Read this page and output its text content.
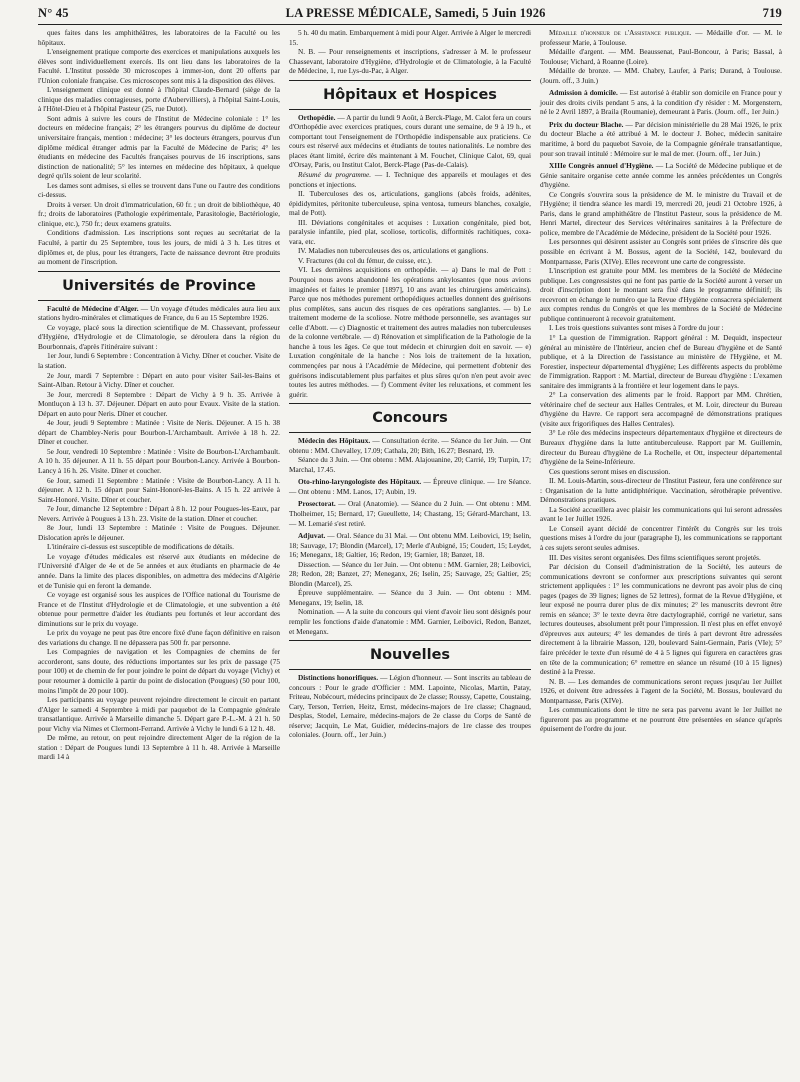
N° 45	LA PRESSE MÉDICALE, Samedi, 5 Juin 1926	719

ques faites dans les amphithéâtres, les laboratoires de la Faculté ou les hôpitaux.

L'enseignement pratique comporte des exercices et manipulations auxquels les élèves sont individuellement exercés. Ils ont lieu dans les laboratoires de la Faculté. L'Institut possède 30 microscopes à immer-ion, dont 20 offerts par l'Union coloniale française. Ces microscopes sont mis à la disposition des élèves.

L'enseignement clinique est donné à l'hôpital Claude-Bernard (siège de la clinique des maladies contagieuses, porte d'Aubervilliers), à l'hôpital Saint-Louis, à l'Hôtel-Dieu et à l'hôpital Pasteur (25, rue Dutot).

Sont admis à suivre les cours de l'Institut de Médecine coloniale : 1° les docteurs en médecine français; 2° les étrangers pourvus du diplôme de docteur universitaire français, mention : médecine; 3° les docteurs étrangers, pourvus d'un diplôme médical étranger admis par la Faculté de Médecine de Paris; 4° les étudiants en médecine des Facultés françaises pourvus de 16 inscriptions, sans distinction de nationalité; 5° les internes en médecine des hôpitaux, à quelque degré qu'ils soient de leur scolarité.

Les dames sont admises, si elles se trouvent dans l'une ou l'autre des conditions ci-dessus.

Droits à verser. Un droit d'immatriculation, 60 fr. ; un droit de bibliothèque, 40 fr.; droits de laboratoires (Pathologie expérimentale, Parasitologie, Bactériologie, clinique, etc.), 750 fr.; deux examens gratuits.

Conditions d'admission. Les inscriptions sont reçues au secrétariat de la Faculté, à partir du 25 Septembre, tous les jours, de midi à 3 h. Les titres et diplômes et, de plus, pour les étrangers, l'acte de naissance devront être produits au moment de l'inscription.

Universités de Province

Faculté de Médecine d'Alger. — Un voyage d'études médicales aura lieu aux stations hydro-minérales et climatiques de France, du 6 au 15 Septembre 1926.

Ce voyage, placé sous la direction scientifique de M. Chassevant, professeur d'Hygiène, d'Hydrologie et de Climatologie, se déroulera dans la région du Bourbonnais, d'après l'itinéraire suivant :

1er Jour, lundi 6 Septembre : Concentration à Vichy. Dîner et coucher. Visite de la station.

2e Jour, mardi 7 Septembre : Départ en auto pour visiter Sail-les-Bains et Saint-Alban. Retour à Vichy. Dîner et coucher.

3e Jour, mercredi 8 Septembre : Départ de Vichy à 9 h. 35. Arrivée à Montluçon à 13 h. 37. Déjeuner. Départ en auto pour Evaux. Visite de la station. Départ en auto pour Neris. Dîner et coucher.

4e Jour, jeudi 9 Septembre : Matinée : Visite de Neris. Déjeuner. A 15 h. 38 départ de Chambley-Neris pour Bourbon-L'Archambault. Arrivée à 18 h. 22. Dîner et coucher.

5e Jour, vendredi 10 Septembre : Matinée : Visite de Bourbon-L'Archambault. A 10 h. 35 déjeuner. A 11 h. 55 départ pour Bourbon-Lancy. Arrivée à Bourbon-Lancy à 16 h. 26. Visite. Dîner et coucher.

6e Jour, samedi 11 Septembre : Matinée : Visite de Bourbon-Lancy. A 11 h. déjeuner. A 12 h. 15 départ pour Saint-Honoré-les-Bains. A 15 h. 22 arrivée à Saint-Honoré. Visite. Dîner et coucher.

7e Jour, dimanche 12 Septembre : Départ à 8 h. 12 pour Pougues-les-Eaux, par Nevers. Arrivée à Pougues à 13 h. 23. Visite de la station. Dîner et coucher.

8e Jour, lundi 13 Septembre : Matinée : Visite de Pougues. Déjeuner. Dislocation après le déjeuner.

L'itinéraire ci-dessus est susceptible de modifications de détails.

Le voyage d'études médicales est réservé aux étudiants en médecine de l'Université d'Alger de 4e et de 5e années et aux étudiants en pharmacie de 4e année. Dans la limite des places disponibles, on admettra des médecins d'Algérie et de Tunisie qui en feront la demande.

Ce voyage est organisé sous les auspices de l'Office national du Tourisme de France et de l'Institut d'Hydrologie et de Climatologie, et une subvention a été obtenue pour permettre d'aider les étudiants peu fortunés et leur accordant des diminutions sur le prix du voyage.

Le prix du voyage ne peut pas être encore fixé d'une façon définitive en raison des variations du change. Il ne dépassera pas 500 fr. par personne.

Les Compagnies de navigation et les Compagnies de chemins de fer accorderont, sans doute, des réductions importantes sur les prix de passage (75 pour 100) et de chemin de fer pour joindre le point de départ du voyage (Vichy) et pour retourner à domicile à partir du point de dislocation (Pougues) (50 pour 100, moins l'impôt de 20 pour 100).

Les participants au voyage peuvent rejoindre directement le circuit en partant d'Alger le samedi 4 Septembre à midi par paquebot de la Compagnie générale transatlantique. Arrivée à Marseille dimanche 5. Départ gare P.-L.-M. à 21 h. 50 pour Vichy via Nimes et Clermont-Ferrand. Arrivée à Vichy le lundi 6 à 12 h. 48.

De même, au retour, on peut rejoindre directement Alger de la région de la station : Départ de Pougues lundi 13 Septembre à 11 h. 48. Arrivée à Marseille mardi 14 à

5 h. 40 du matin. Embarquement à midi pour Alger. Arrivée à Alger le mercredi 15.

N. B. — Pour renseignements et inscriptions, s'adresser à M. le professeur Chassevant, laboratoire d'Hygiène, d'Hydrologie et de Climatologie, à la Faculté de Médecine, 1, rue Lys-du-Pac, à Alger.

Hôpitaux et Hospices

Orthopédie. — A partir du lundi 9 Août, à Berck-Plage, M. Calot fera un cours d'Orthopédie avec exercices pratiques, cours durant une semaine, de 9 à 19 h., et comportant tout l'enseignement de l'Orthopédie indispensable aux praticiens. Ce cours est réservé aux médecins et étudiants de toutes nationalités. Le nombre des places étant limité, écrire dès maintenant à M. Fouchet, Clinique Calot, 69, quai d'Orsay, Paris, ou Institut Calot, Berck-Plage (Pas-de-Calais).

Résumé du programme. — I. Technique des appareils et moulages et des ponctions et injections.

II. Tuberculoses des os, articulations, ganglions (abcès froids, adénites, épididymites, péritonite tuberculeuse, spina ventosa, tumeurs blanches, coxalgie, mal de Pott).

III. Déviations congénitales et acquises : Luxation congénitale, pied bot, paralysie infantile, pied plat, scoliose, torticolis, difformités rachitiques, coxa-vara, etc.

IV. Maladies non tuberculeuses des os, articulations et ganglions.

V. Fractures (du col du fémur, de cuisse, etc.).

VI. Les dernières acquisitions en orthopédie. — a) Dans le mal de Pott : Pourquoi nous avons abandonné les opérations ankylosantes (que nous avions imaginées et faites le premier [1897], 10 ans avant les chirurgiens américains). Parce que nos méthodes purement orthopédiques actuelles donnent des guérisons plus complètes, sans aucun des risques de ces opérations sanglantes. — b) Le traitement moderne de la scoliose. Notre méthode personnelle, ses avantages sur celle d'Abott. — c) Diagnostic et traitement des autres maladies non tuberculeuses de la colonne vertébrale. — d) Rénovation et simplification de la Pathologie de la hanche à tous les âges. Ce que tout médecin et chirurgien doit en savoir. — e) Luxation congénitale de la hanche : Nos lois de traitement de la luxation, commençées par nous à l'Académie de Médecine, qui permettent d'obtenir des guérisons indiscutablement plus parfaites et plus sûres qu'on n'en peut avoir avec toutes les autres méthodes. — f) Comment éviter les reluxations, et comment les guérir.

Concours

Médecin des Hôpitaux. — Consultation écrite. — Séance du 1er Juin. — Ont obtenu : MM. Chevalley, 17.09; Cathala, 20; Bith, 16.27; Besnard, 19.

Séance du 3 Juin. — Ont obtenu : MM. Alajouanine, 20; Carrié, 19; Turpin, 17; Marchal, 17.45.

Oto-rhino-laryngologiste des Hôpitaux. — Épreuve clinique. — 1re Séance. — Ont obtenu : MM. Lanos, 17; Aubin, 19.

Prosectorat. — Oral (Anatomie). — Séance du 2 Juin. — Ont obtenu : MM. Tholheimer, 15; Bernard, 17; Gueullette, 14; Chastang, 15; Gérard-Marchant, 13. — M. Lemarié s'est retiré.

Adjuvat. — Oral. Séance du 31 Mai. — Ont obtenu MM. Leibovici, 19; Iselin, 18; Sauvage, 17; Blondin (Marcel), 17; Merle d'Aubigné, 15; Coudert, 15; Leydet, 16; Meneganx, 18; Galtier, 16; Redon, 19; Garnier, 18; Banzet, 18.

Dissection. — Séance du 1er Juin. — Ont obtenu : MM. Garnier, 28; Leibovici, 28; Redon, 28; Banzet, 27; Meneganx, 26; Iselin, 25; Sauvage, 25; Galtier, 25; Blondin (Marcel), 25.

Épreuve supplémentaire. — Séance du 3 Juin. — Ont obtenu : MM. Meneganx, 19; Iselin, 18.

Nomination. — A la suite du concours qui vient d'avoir lieu sont désignés pour remplir les fonctions d'aide d'anatomie : MM. Garnier, Leibovici, Redon, Banzet, et Meneganx.

Nouvelles

Distinctions honorifiques. — Légion d'honneur. — Sont inscrits au tableau de concours : Pour le grade d'Officier : MM. Lapointe, Nicolas, Martin, Patay, Friteau, Nobécourt, médecins principaux de 2e classe; Roussy, Capette, Coustaing, Cary, Terson, Terrien, Heitz, Ernst, médecins-majors de 1re classe; Chagnaud, Desplas, Stodel, Lemaire, médecins-majors de 2e classe du Corps de Santé de réserve; Jacquin, Le Mat, Guidier, médecins-majors de 1re classe des troupes coloniales. (Journ. off., 1er Juin.)

Médaille d'honneur de l'Assistance publique. — Médaille d'or. — M. le professeur Marie, à Toulouse.

Médaille d'argent. — MM. Beaussenat, Paul-Boncour, à Paris; Bassal, à Toulouse; Vichard, à Roanne (Loire).

Médaille de bronze. — MM. Chabry, Laufer, à Paris; Durand, à Toulouse. (Journ. off., 3 Juin.)

Admission à domicile. — Est autorisé à établir son domicile en France pour y jouir des droits civils pendant 5 ans, à la condition d'y résider : M. Morgenstern, né le 2 Avril 1897, à Braila (Roumanie), demeurant à Paris. (Journ. off., 1er Juin.)

Prix du docteur Blache. — Par décision ministérielle du 28 Mai 1926, le prix du docteur Blache a été attribué à M. le docteur J. Bohec, médecin sanitaire maritime, à bord du paquebot Savoie, de la Compagnie générale transatlantique, pour son travail intitulé : Mémoire sur le mal de mer. (Journ. off., 1er Juin.)

XIIIe Congrès annuel d'Hygiène. — La Société de Médecine publique et de Génie sanitaire organise cette année comme les années précédentes un Congrès d'hygiène.

Ce Congrès s'ouvrira sous la présidence de M. le ministre du Travail et de l'Hygiène; il tiendra séance les mardi 19, mercredi 20, jeudi 21 Octobre 1926, à Paris, dans le grand amphithéâtre de l'Institut Pasteur, sous la présidence de M. Henri Martel, directeur des Services vétérinaires sanitaires à la Préfecture de police, membre de l'Académie de Médecine, président de la Société pour 1926.

Les personnes qui désirent assister au Congrès sont priées de s'inscrire dès que possible en écrivant à M. Bossus, agent de la Société, 142, boulevard du Montparnasse, Paris (XIVe). Elles recevront une carte de congressiste.

L'inscription est gratuite pour MM. les membres de la Société de Médecine publique. Les congressistes qui ne font pas partie de la Société auront à verser un droit d'inscription dont le montant sera fixé dans le programme définitif; ils recevront en échange le numéro que la Revue d'Hygiène consacrera spécialement aux comptes rendus du Congrès et que les membres de la Société de Médecine publique continueront à recevoir gratuitement.

I. Les trois questions suivantes sont mises à l'ordre du jour :

1° La question de l'immigration. Rapport général : M. Dequidt, inspecteur général au ministère de l'Intérieur, ancien chef de Bureau d'hygiène et de Santé publique, et à la Direction de l'assistance au ministère de l'Hygiène, et M. Forestier, inspecteur départemental d'hygiène; Les différents aspects du problème de l'immigration. Rapport : M. Martial, directeur de Bureau d'hygiène : L'examen sanitaire des immigrants à la frontière et leur logement dans le pays.

2° La conservation des aliments par le froid. Rapport par MM. Chrétien, vétérinaire chef de secteur aux Halles Centrales, et M. Loir, directeur du Bureau d'hygiène du Havre. Ce rapport sera accompagné de démonstrations pratiques (visite aux frigorifiques des Halles Centrales).

3° Le rôle des médecins inspecteurs départementaux d'hygiène et directeurs de Bureaux d'hygiène dans la lutte antituberculeuse. Rapport par M. Guillemin, directeur du Bureau d'hygiène de La Rochelle, et Ott, inspecteur départemental d'hygiène de la Seine-Inférieure.

Ces questions seront mises en discussion.

II. M. Louis-Martin, sous-directeur de l'Institut Pasteur, fera une conférence sur : Organisation de la lutte antidiphtérique. Vaccination, sérothérapie préventive. Démonstrations pratiques.

La Société accueillera avec plaisir les communications qui lui seront adressées avant le 1er Juillet 1926.

Le Conseil ayant décidé de concentrer l'intérêt du Congrès sur les trois questions mises à l'ordre du jour (paragraphe I), les communications se rapportant à ces sujets seront seules admises.

III. Des visites seront organisées. Des films scientifiques seront projetés.

Par décision du Conseil d'administration de la Société, les auteurs de communications devront se conformer aux prescriptions suivantes qui seront strictement appliquées : 1° les communications ne devront pas avoir plus de cinq pages (pages de 39 lignes; lignes de 52 lettres), format de la Revue d'Hygiène, et leur exposé ne pourra durer plus de dix minutes; 2° les manuscrits devront être remis en séance; 3° le texte devra être dactylographié, corrigé ne varietur, sans lectures douteuses, absolument prêt pour l'impression. Il n'est plus en effet envoyé d'épreuves aux auteurs; 4° les demandes de tirés à part devront être adressées directement à la librairie Masson, 120, boulevard Saint-Germain, Paris (VIe); 5° faire précéder le texte d'un résumé de 4 à 5 lignes qui figurera en caractères gras en tête de la communication; 6° remettre en séance un résumé (10 à 15 lignes) destiné à la Presse.

N. B. — Les demandes de communications seront reçues jusqu'au 1er Juillet 1926, et doivent être adressées à l'agent de la Société, M. Bossus, boulevard du Montparnasse, Paris (XIVe).

Les communications dont le titre ne sera pas parvenu avant le 1er Juillet ne figureront pas au programme et ne pourront être présentées en séance qu'après épuisement de l'ordre du jour.
